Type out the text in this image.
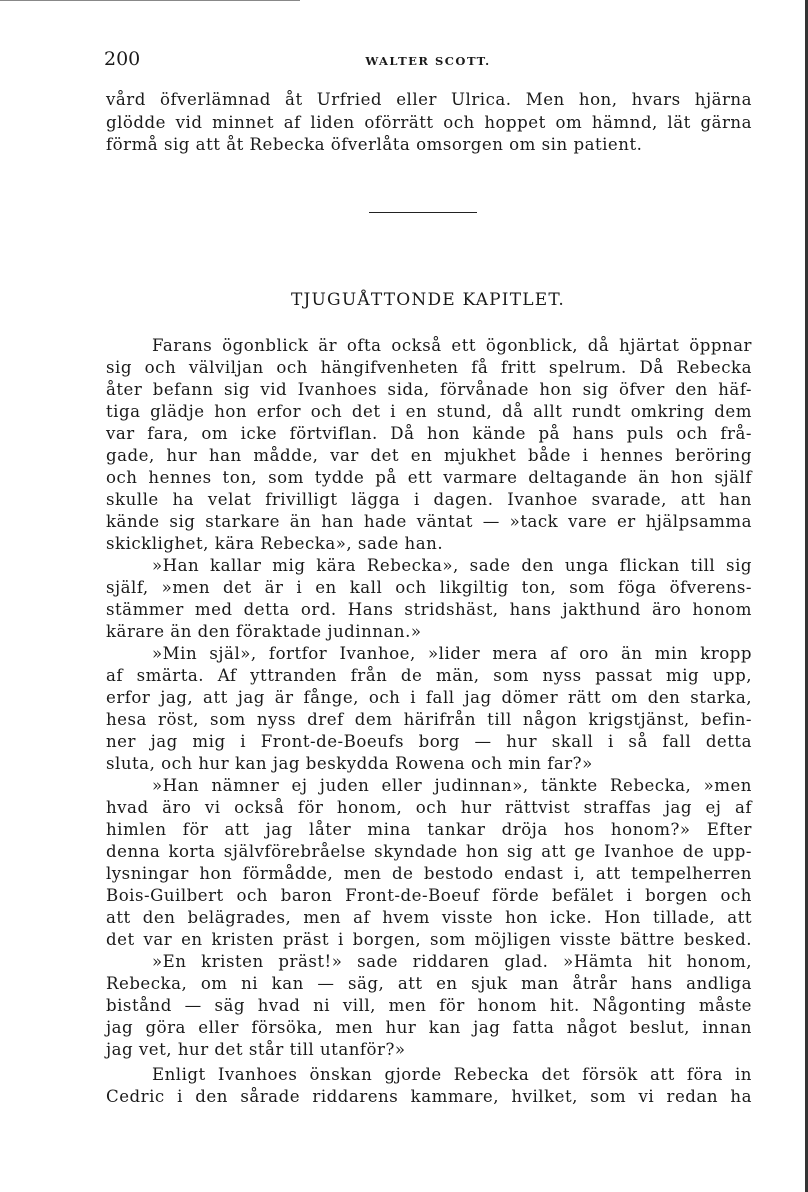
200	WALTER SCOTT.
vård öfverlämnad åt Urfried eller Ulrica. Men hon, hvars hjärna
glödde vid minnet af liden oförrätt och hoppet om hämnd, lät gärna
förmå sig att åt Rebecka öfverlåta omsorgen om sin patient.
TJUGUÅTTONDE KAPITLET.
Farans ögonblick är ofta också ett ögonblick, då hjärtat öppnar
sig och välviljan och hängifvenheten få fritt spelrum. Då Rebecka
åter befann sig vid Ivanhoes sida, förvånade hon sig öfver den häf-
tiga glädje hon erfor och det i en stund, då allt rundt omkring dem
var fara, om icke förtviflan. Då hon kände på hans puls och frå-
gade, hur han mådde, var det en mjukhet både i hennes beröring
och hennes ton, som tydde på ett varmare deltagande än hon själf
skulle ha velat frivilligt lägga i dagen. Ivanhoe svarade, att han
kände sig starkare än han hade väntat — »tack vare er hjälpsamma
skicklighet, kära Rebecka», sade han.
»Han kallar mig kära Rebecka», sade den unga flickan till sig
själf, »men det är i en kall och likgiltig ton, som föga öfverens-
stämmer med detta ord. Hans stridshäst, hans jakthund äro honom
kärare än den föraktade judinnan.»
»Min själ», fortfor Ivanhoe, »lider mera af oro än min kropp
af smärta. Af yttranden från de män, som nyss passat mig upp,
erfor jag, att jag är fånge, och i fall jag dömer rätt om den starka,
hesa röst, som nyss dref dem härifrån till någon krigstjänst, befin-
ner jag mig i Front-de-Boeufs borg — hur skall i så fall detta
sluta, och hur kan jag beskydda Rowena och min far?»
»Han nämner ej juden eller judinnan», tänkte Rebecka, »men
hvad äro vi också för honom, och hur rättvist straffas jag ej af
himlen för att jag låter mina tankar dröja hos honom?» Efter
denna korta självförebråelse skyndade hon sig att ge Ivanhoe de upp-
lysningar hon förmådde, men de bestodo endast i, att tempelherren
Bois-Guilbert och baron Front-de-Boeuf förde befälet i borgen och
att den belägrades, men af hvem visste hon icke. Hon tillade, att
det var en kristen präst i borgen, som möjligen visste bättre besked.
»En kristen präst!» sade riddaren glad. »Hämta hit honom,
Rebecka, om ni kan — säg, att en sjuk man åtrår hans andliga
bistånd — säg hvad ni vill, men för honom hit. Någonting måste
jag göra eller försöka, men hur kan jag fatta något beslut, innan
jag vet, hur det står till utanför?»
Enligt Ivanhoes önskan gjorde Rebecka det försök att föra in
Cedric i den sårade riddarens kammare, hvilket, som vi redan ha
